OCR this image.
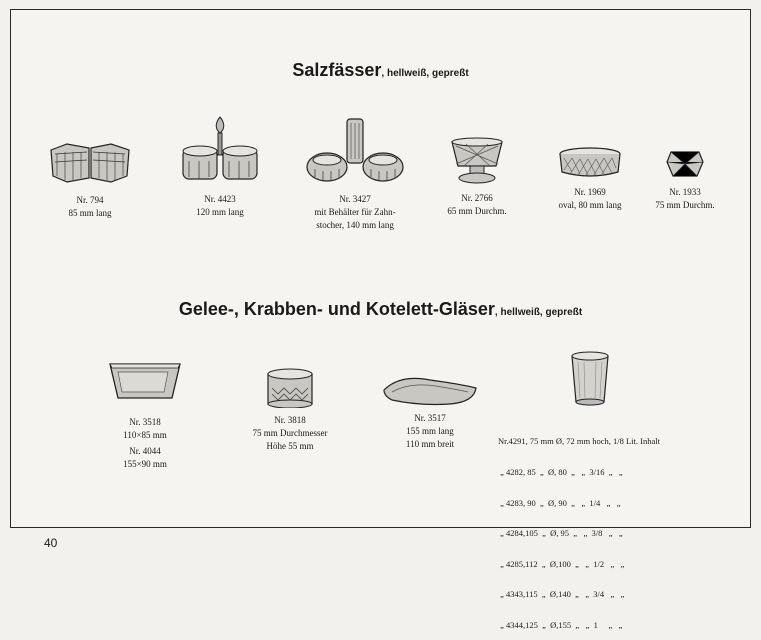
Salzfässer, hellweiß, gepreßt
Nr. 794
85 mm lang
Nr. 4423
120 mm lang
Nr. 3427
mit Behälter für Zahn-
stocher, 140 mm lang
Nr. 2766
65 mm Durchm.
Nr. 1969
oval, 80 mm lang
Nr. 1933
75 mm Durchm.
Gelee-, Krabben- und Kotelett-Gläser, hellweiß, gepreßt
Nr. 3518
110×85 mm
Nr. 4044
155×90 mm
Nr. 3818
75 mm Durchmesser
Höhe 55 mm
Nr. 3517
155 mm lang
110 mm breit

	Nr.4291, 75 mm Ø, 72 mm hoch, 1/8 Lit. Inhalt

„ 4282, 85  „  Ø, 80  „   „  3/16  „   „

„ 4283, 90  „  Ø, 90  „   „  1/4   „   „

„ 4284,105  „  Ø, 95  „   „  3/8   „   „

„ 4285,112  „  Ø,100  „   „  1/2   „   „

„ 4343,115  „  Ø,140  „   „  3/4   „   „

„ 4344,125  „  Ø,155  „   „  1     „   „

40
